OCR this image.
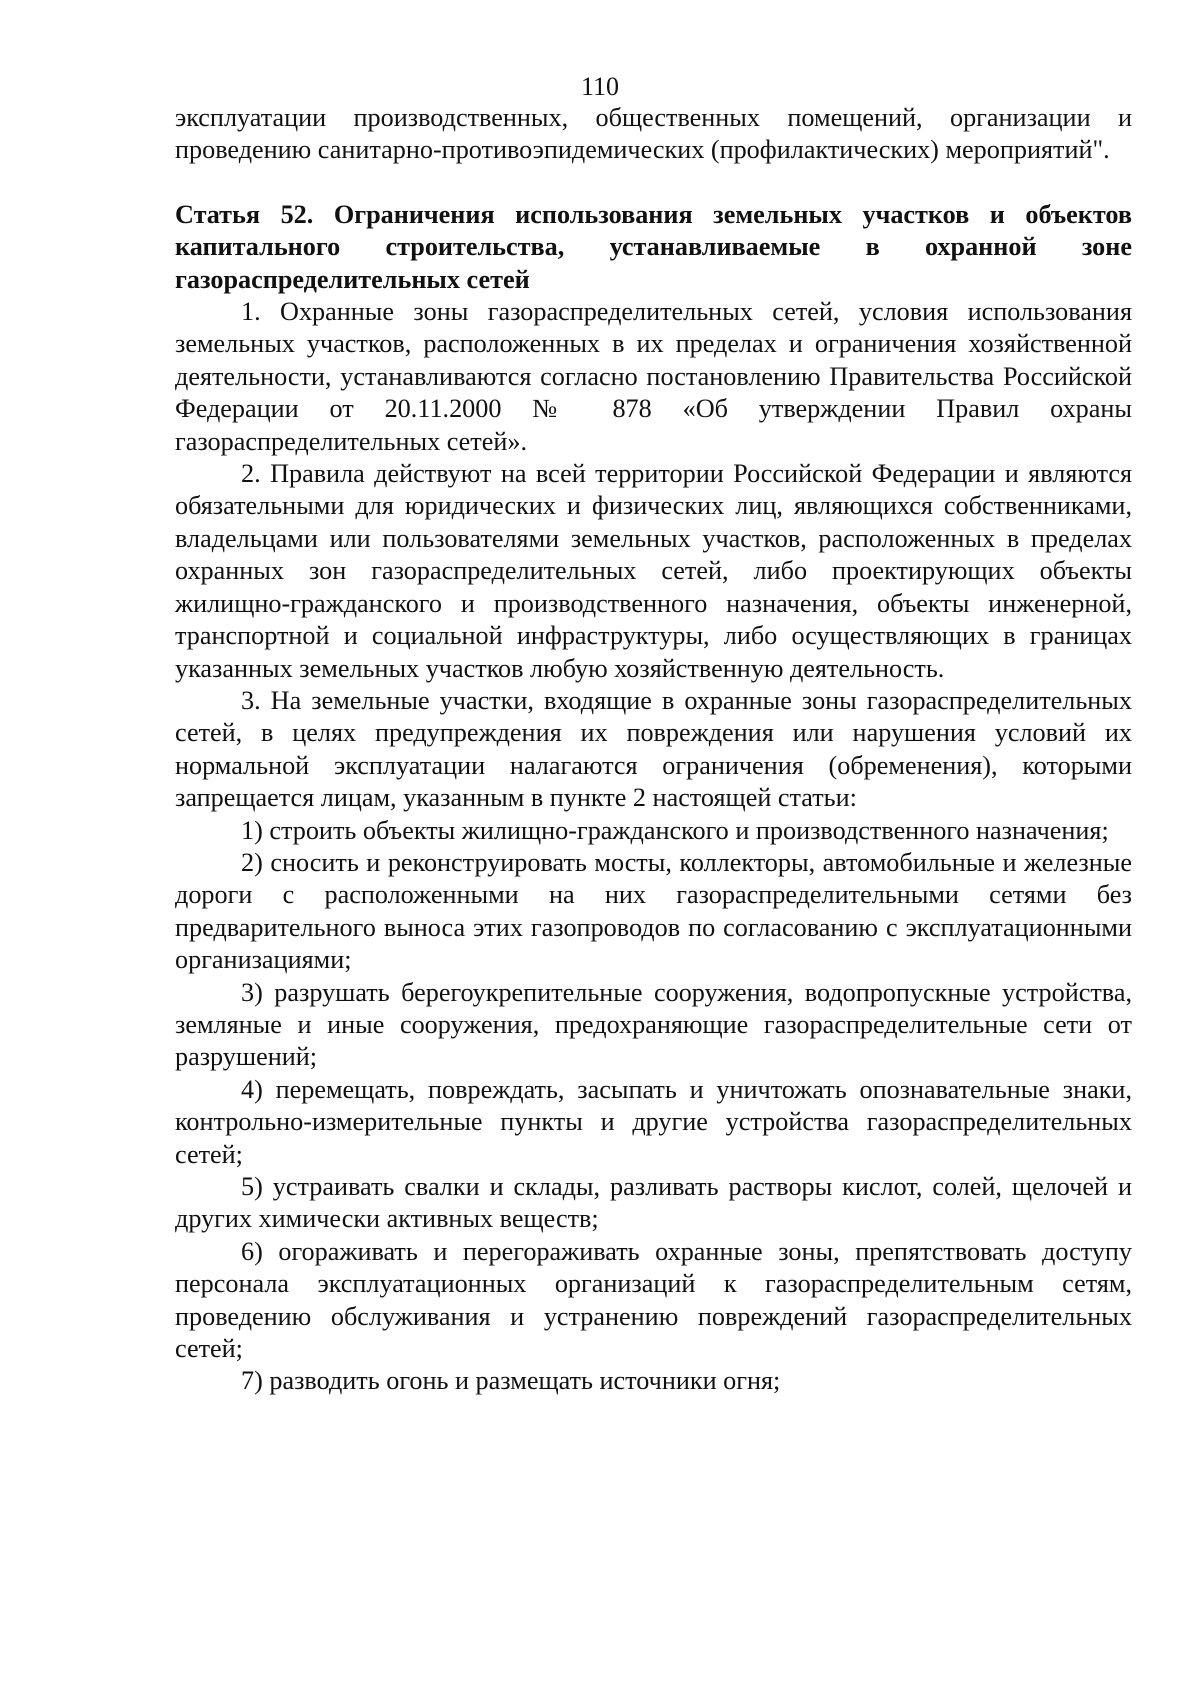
110

эксплуатации производственных, общественных помещений, организации и проведению санитарно-противоэпидемических (профилактических) мероприятий".

Статья 52. Ограничения использования земельных участков и объектов капитального строительства, устанавливаемые в охранной зоне газораспределительных сетей

1. Охранные зоны газораспределительных сетей, условия использования земельных участков, расположенных в их пределах и ограничения хозяйственной деятельности, устанавливаются согласно постановлению Правительства Российской Федерации от 20.11.2000 № 878 «Об утверждении Правил охраны газораспределительных сетей».

2. Правила действуют на всей территории Российской Федерации и являются обязательными для юридических и физических лиц, являющихся собственниками, владельцами или пользователями земельных участков, расположенных в пределах охранных зон газораспределительных сетей, либо проектирующих объекты жилищно-гражданского и производственного назначения, объекты инженерной, транспортной и социальной инфраструктуры, либо осуществляющих в границах указанных земельных участков любую хозяйственную деятельность.

3. На земельные участки, входящие в охранные зоны газораспределительных сетей, в целях предупреждения их повреждения или нарушения условий их нормальной эксплуатации налагаются ограничения (обременения), которыми запрещается лицам, указанным в пункте 2 настоящей статьи:

1) строить объекты жилищно-гражданского и производственного назначения;

2) сносить и реконструировать мосты, коллекторы, автомобильные и железные дороги с расположенными на них газораспределительными сетями без предварительного выноса этих газопроводов по согласованию с эксплуатационными организациями;

3) разрушать берегоукрепительные сооружения, водопропускные устройства, земляные и иные сооружения, предохраняющие газораспределительные сети от разрушений;

4) перемещать, повреждать, засыпать и уничтожать опознавательные знаки, контрольно-измерительные пункты и другие устройства газораспределительных сетей;

5) устраивать свалки и склады, разливать растворы кислот, солей, щелочей и других химически активных веществ;

6) огораживать и перегораживать охранные зоны, препятствовать доступу персонала эксплуатационных организаций к газораспределительным сетям, проведению обслуживания и устранению повреждений газораспределительных сетей;

7) разводить огонь и размещать источники огня;
